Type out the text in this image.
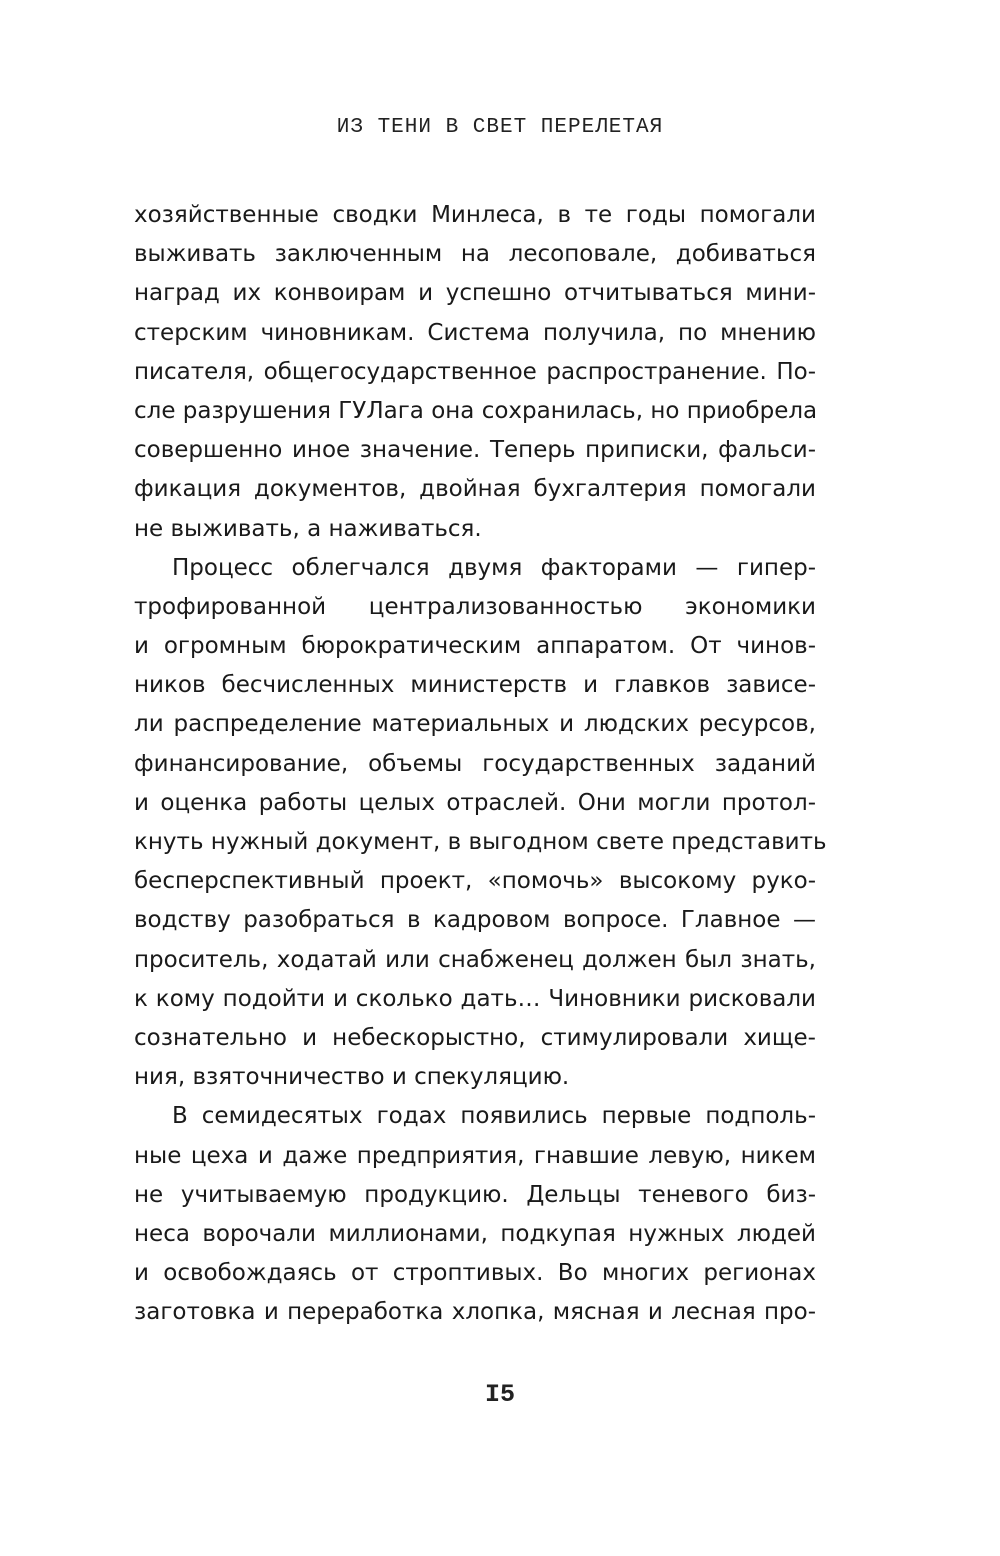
ИЗ ТЕНИ В СВЕТ ПЕРЕЛЕТАЯ
хозяйственные сводки Минлеса, в те годы помогали
выживать заключенным на лесоповале, добиваться
наград их конвоирам и успешно отчитываться мини-
стерским чиновникам. Система получила, по мнению
писателя, общегосударственное распространение. По-
сле разрушения ГУЛага она сохранилась, но приобрела
совершенно иное значение. Теперь приписки, фальси-
фикация документов, двойная бухгалтерия помогали
не выживать, а наживаться.
Процесс облегчался двумя факторами — гипер-
трофированной централизованностью экономики
и огромным бюрократическим аппаратом. От чинов-
ников бесчисленных министерств и главков зависе-
ли распределение материальных и людских ресурсов,
финансирование, объемы государственных заданий
и оценка работы целых отраслей. Они могли протол-
кнуть нужный документ, в выгодном свете представить
бесперспективный проект, «помочь» высокому руко-
водству разобраться в кадровом вопросе. Главное —
проситель, ходатай или снабженец должен был знать,
к кому подойти и сколько дать… Чиновники рисковали
сознательно и небескорыстно, стимулировали хище-
ния, взяточничество и спекуляцию.
В семидесятых годах появились первые подполь-
ные цеха и даже предприятия, гнавшие левую, никем
не учитываемую продукцию. Дельцы теневого биз-
неса ворочали миллионами, подкупая нужных людей
и освобождаясь от строптивых. Во многих регионах
заготовка и переработка хлопка, мясная и лесная про-
I5
